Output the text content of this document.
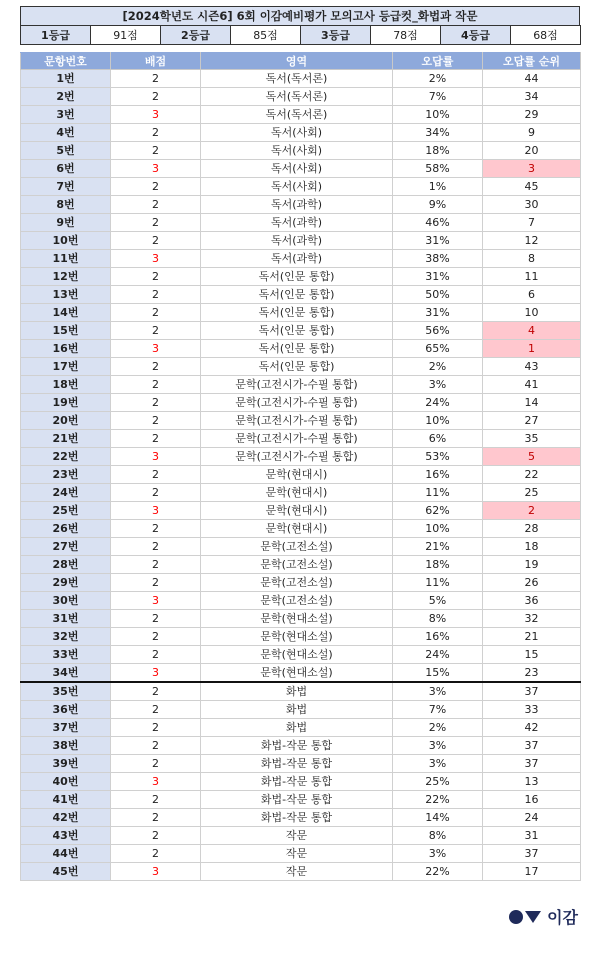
[2024학년도 시즌6] 6회 이감예비평가 모의고사 등급컷_화법과 작문
1등급	91점	2등급	85점	3등급	78점	4등급	68점
문항번호	배점	영역	오답률	오답률 순위
1번	2	독서(독서론)	2%	44
2번	2	독서(독서론)	7%	34
3번	3	독서(독서론)	10%	29
4번	2	독서(사회)	34%	9
5번	2	독서(사회)	18%	20
6번	3	독서(사회)	58%	3
7번	2	독서(사회)	1%	45
8번	2	독서(과학)	9%	30
9번	2	독서(과학)	46%	7
10번	2	독서(과학)	31%	12
11번	3	독서(과학)	38%	8
12번	2	독서(인문 통합)	31%	11
13번	2	독서(인문 통합)	50%	6
14번	2	독서(인문 통합)	31%	10
15번	2	독서(인문 통합)	56%	4
16번	3	독서(인문 통합)	65%	1
17번	2	독서(인문 통합)	2%	43
18번	2	문학(고전시가-수필 통합)	3%	41
19번	2	문학(고전시가-수필 통합)	24%	14
20번	2	문학(고전시가-수필 통합)	10%	27
21번	2	문학(고전시가-수필 통합)	6%	35
22번	3	문학(고전시가-수필 통합)	53%	5
23번	2	문학(현대시)	16%	22
24번	2	문학(현대시)	11%	25
25번	3	문학(현대시)	62%	2
26번	2	문학(현대시)	10%	28
27번	2	문학(고전소설)	21%	18
28번	2	문학(고전소설)	18%	19
29번	2	문학(고전소설)	11%	26
30번	3	문학(고전소설)	5%	36
31번	2	문학(현대소설)	8%	32
32번	2	문학(현대소설)	16%	21
33번	2	문학(현대소설)	24%	15
34번	3	문학(현대소설)	15%	23
35번	2	화법	3%	37
36번	2	화법	7%	33
37번	2	화법	2%	42
38번	2	화법-작문 통합	3%	37
39번	2	화법-작문 통합	3%	37
40번	3	화법-작문 통합	25%	13
41번	2	화법-작문 통합	22%	16
42번	2	화법-작문 통합	14%	24
43번	2	작문	8%	31
44번	2	작문	3%	37
45번	3	작문	22%	17
이감
